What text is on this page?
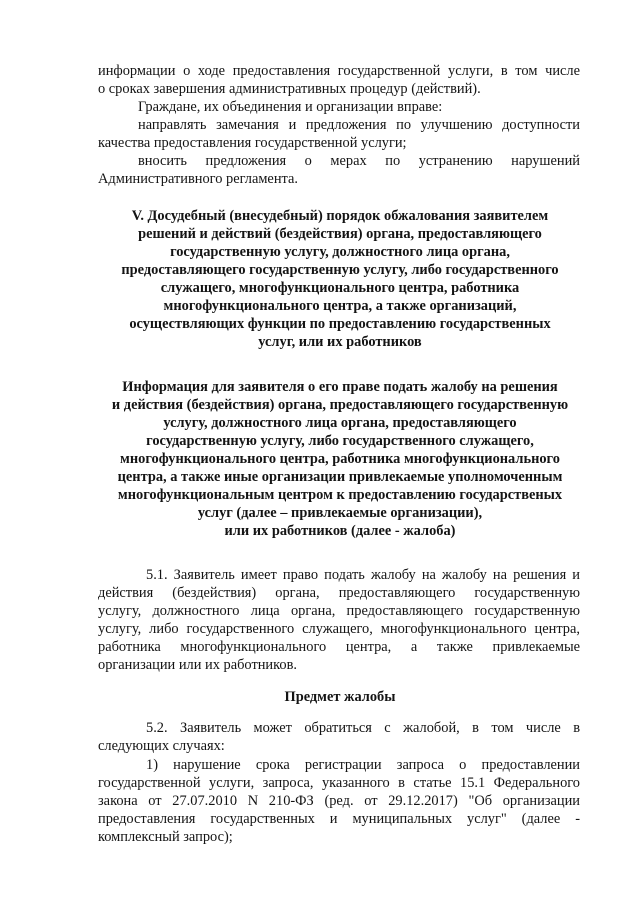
информации о ходе предоставления государственной услуги, в том числе
о сроках завершения административных процедур (действий).
Граждане, их объединения и организации вправе:
направлять замечания и предложения по улучшению доступности
качества предоставления государственной услуги;
вносить предложения о мерах по устранению нарушений
Административного регламента.
V. Досудебный (внесудебный) порядок обжалования заявителем
решений и действий (бездействия) органа, предоставляющего
государственную услугу, должностного лица органа,
предоставляющего государственную услугу, либо государственного
служащего, многофункционального центра, работника
многофункционального центра, а также организаций,
осуществляющих функции по предоставлению государственных
услуг, или их работников
Информация для заявителя о его праве подать жалобу на решения
и действия (бездействия) органа, предоставляющего государственную
услугу, должностного лица органа, предоставляющего
государственную услугу, либо государственного служащего,
многофункционального центра, работника многофункционального
центра, а также иные организации привлекаемые уполномоченным
многофункциональным центром к предоставлению государственых
услуг (далее – привлекаемые организации),
или их работников (далее - жалоба)
5.1. Заявитель имеет право подать жалобу на жалобу на решения и
действия (бездействия) органа, предоставляющего государственную
услугу, должностного лица органа, предоставляющего государственную
услугу, либо государственного служащего, многофункционального центра,
работника многофункционального центра, а также привлекаемые
организации или их работников.
Предмет жалобы
5.2. Заявитель может обратиться с жалобой, в том числе в
следующих случаях:
1) нарушение срока регистрации запроса о предоставлении
государственной услуги, запроса, указанного в статье 15.1 Федерального
закона от 27.07.2010 N 210-ФЗ (ред. от 29.12.2017) "Об организации
предоставления государственных и муниципальных услуг" (далее -
комплексный запрос);
